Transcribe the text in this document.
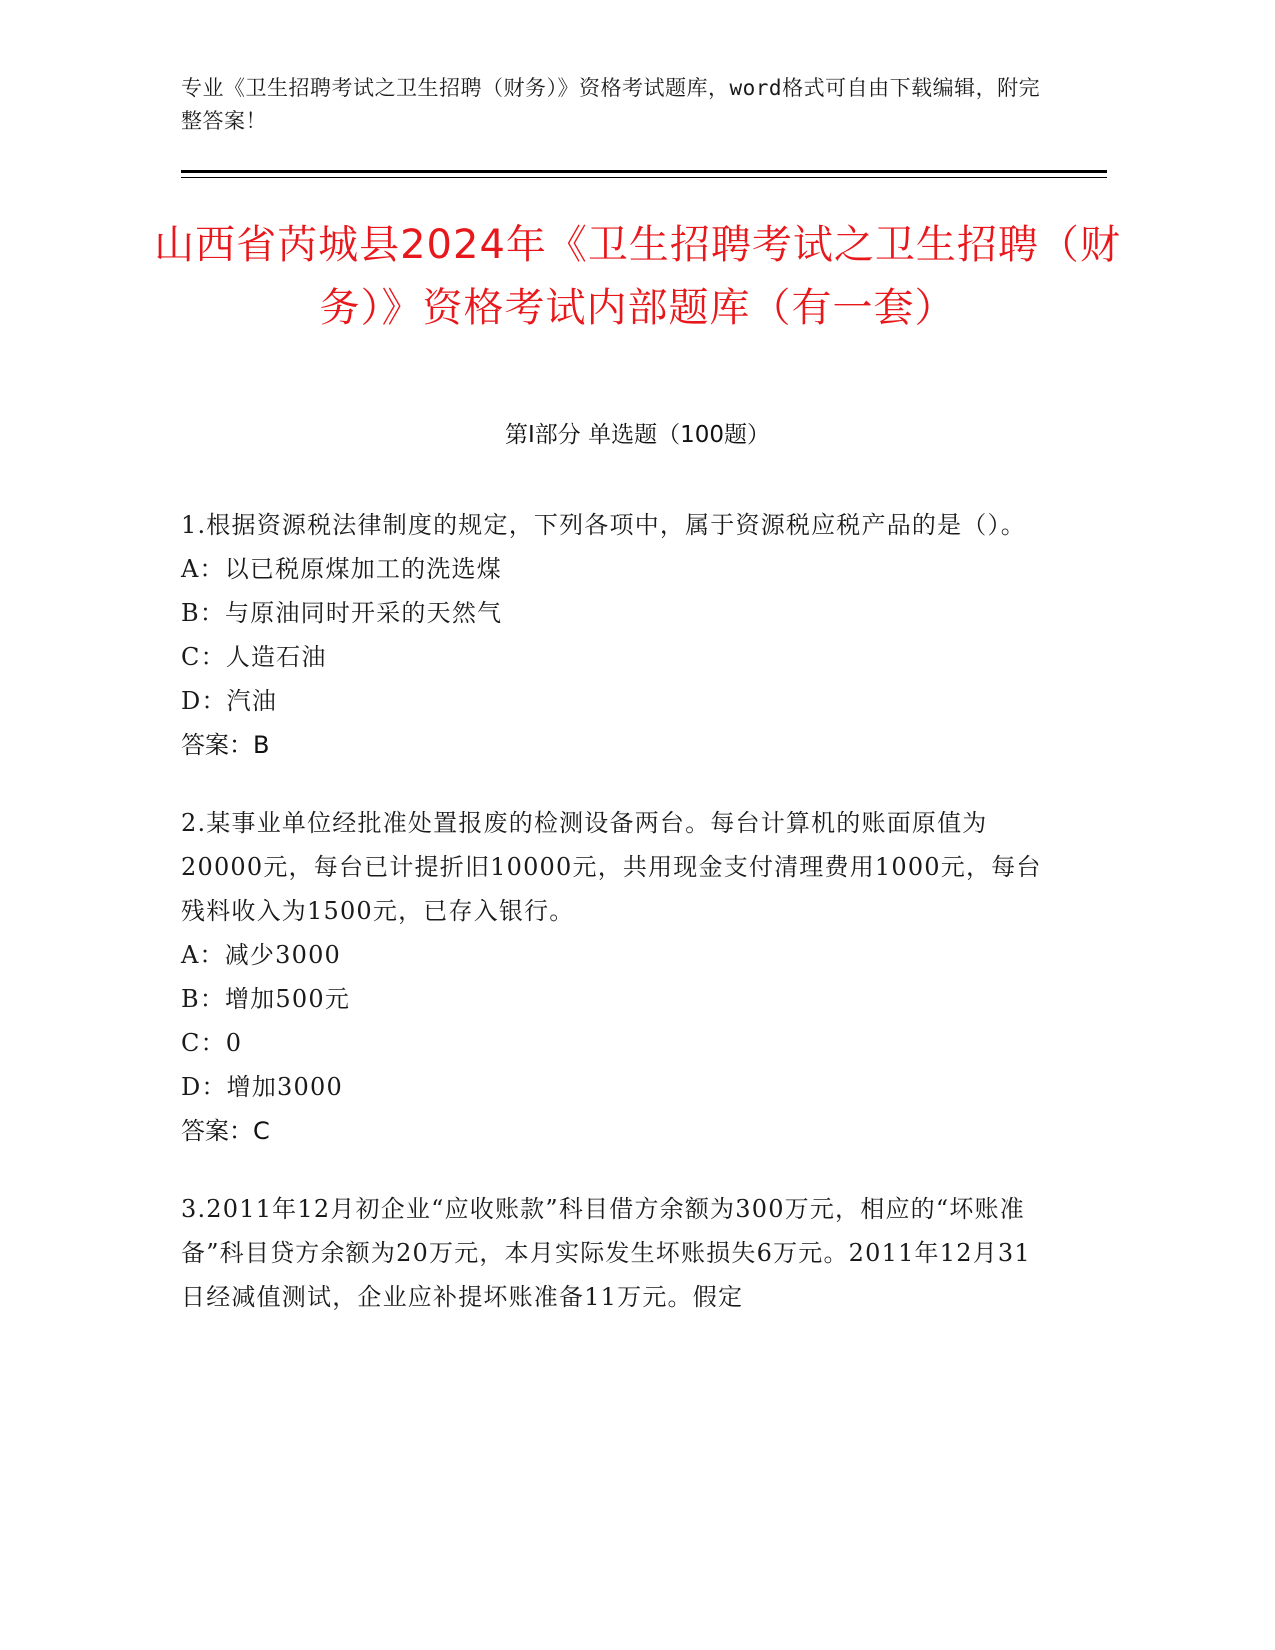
专业《卫生招聘考试之卫生招聘（财务）》资格考试题库，word格式可自由下载编辑，附完整答案！
山西省芮城县2024年《卫生招聘考试之卫生招聘（财务）》资格考试内部题库（有一套）
第I部分 单选题（100题）

1.根据资源税法律制度的规定，下列各项中，属于资源税应税产品的是（）。

A：以已税原煤加工的洗选煤

B：与原油同时开采的天然气

C：人造石油

D：汽油

答案：B

2.某事业单位经批准处置报废的检测设备两台。每台计算机的账面原值为20000元，每台已计提折旧10000元，共用现金支付清理费用1000元，每台残料收入为1500元，已存入银行。

A：减少3000

B：增加500元

C：0

D：增加3000

答案：C

3.2011年12月初企业“应收账款”科目借方余额为300万元，相应的“坏账准备”科目贷方余额为20万元，本月实际发生坏账损失6万元。2011年12月31日经减值测试，企业应补提坏账准备11万元。假定
